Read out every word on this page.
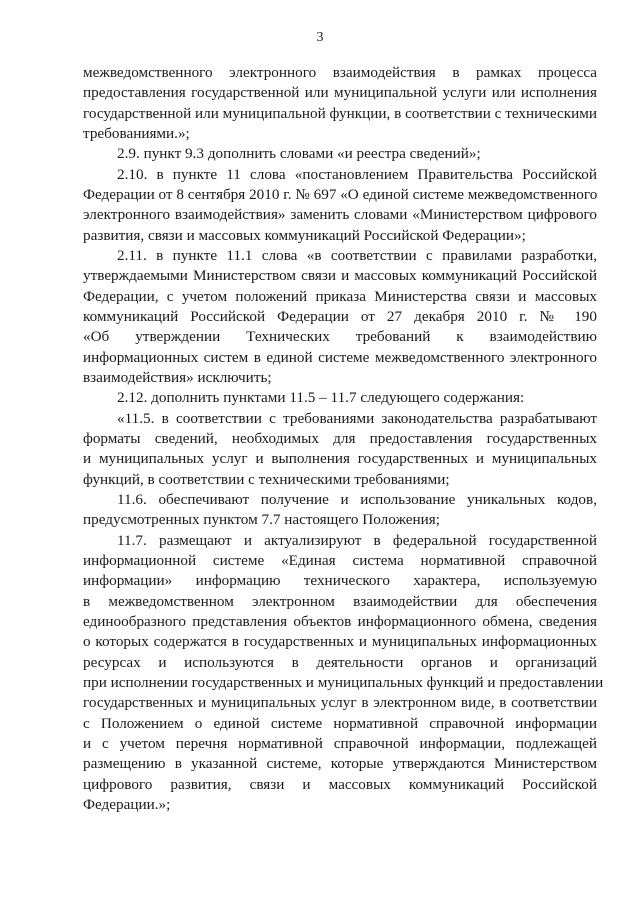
3
межведомственного электронного взаимодействия в рамках процесса
предоставления государственной или муниципальной услуги или исполнения
государственной или муниципальной функции, в соответствии с техническими
требованиями.»;
2.9. пункт 9.3 дополнить словами «и реестра сведений»;
2.10. в пункте 11 слова «постановлением Правительства Российской
Федерации от 8 сентября 2010 г. № 697 «О единой системе межведомственного
электронного взаимодействия» заменить словами «Министерством цифрового
развития, связи и массовых коммуникаций Российской Федерации»;
2.11. в пункте 11.1 слова «в соответствии с правилами разработки,
утверждаемыми Министерством связи и массовых коммуникаций Российской
Федерации, с учетом положений приказа Министерства связи и массовых
коммуникаций Российской Федерации от 27 декабря 2010 г. № 190
«Об утверждении Технических требований к взаимодействию
информационных систем в единой системе межведомственного электронного
взаимодействия» исключить;
2.12. дополнить пунктами 11.5 – 11.7 следующего содержания:
«11.5. в соответствии с требованиями законодательства разрабатывают
форматы сведений, необходимых для предоставления государственных
и муниципальных услуг и выполнения государственных и муниципальных
функций, в соответствии с техническими требованиями;
11.6. обеспечивают получение и использование уникальных кодов,
предусмотренных пунктом 7.7 настоящего Положения;
11.7. размещают и актуализируют в федеральной государственной
информационной системе «Единая система нормативной справочной
информации» информацию технического характера, используемую
в межведомственном электронном взаимодействии для обеспечения
единообразного представления объектов информационного обмена, сведения
о которых содержатся в государственных и муниципальных информационных
ресурсах и используются в деятельности органов и организаций
при исполнении государственных и муниципальных функций и предоставлении
государственных и муниципальных услуг в электронном виде, в соответствии
с Положением о единой системе нормативной справочной информации
и с учетом перечня нормативной справочной информации, подлежащей
размещению в указанной системе, которые утверждаются Министерством
цифрового развития, связи и массовых коммуникаций Российской
Федерации.»;
